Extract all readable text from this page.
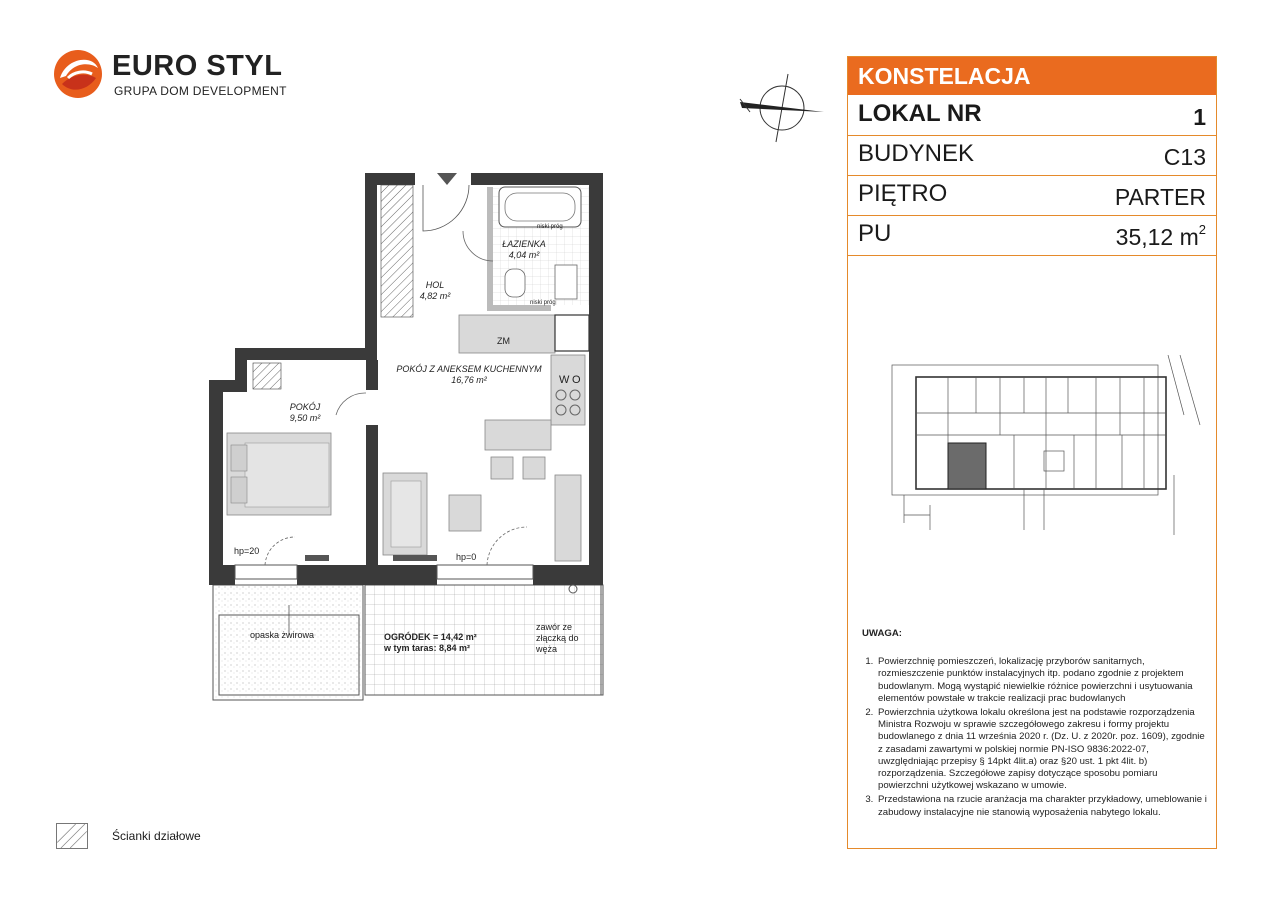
EURO STYL
GRUPA DOM DEVELOPMENT
ŁAZIENKA
4,04 m²
HOL
4,82 m²
POKÓJ Z ANEKSEM KUCHENNYM
16,76 m²
POKÓJ
9,50 m²
ZM
W O
niski próg
niski próg
hp=20
hp=0
opaska żwirowa	OGRÓDEK = 14,42 m²
w tym taras: 8,84 m²
zawór ze
złączką do
węża
Ścianki działowe
KONSTELACJA
LOKAL NR	1
BUDYNEK	C13
PIĘTRO	PARTER
PU	35,12 $m^2$
UWAGA:
1. Powierzchnię pomieszczeń, lokalizację przyborów sanitarnych, rozmieszczenie punktów instalacyjnych itp. podano zgodnie z projektem budowlanym. Mogą wystąpić niewielkie różnice powierzchni i usytuowania elementów powstałe w trakcie realizacji prac budowlanych
2. Powierzchnia użytkowa lokalu określona jest na podstawie rozporządzenia Ministra Rozwoju w sprawie szczegółowego zakresu i formy projektu budowlanego z dnia 11 września 2020 r. (Dz. U. z 2020r. poz. 1609), zgodnie z zasadami zawartymi w polskiej normie PN-ISO 9836:2022-07, uwzględniając przepisy § 14pkt 4lit.a) oraz §20 ust. 1 pkt 4lit. b) rozporządzenia. Szczegółowe zapisy dotyczące sposobu pomiaru powierzchni użytkowej wskazano w umowie.
3. Przedstawiona na rzucie aranżacja ma charakter przykładowy, umeblowanie i zabudowy instalacyjne nie stanowią wyposażenia nabytego lokalu.
